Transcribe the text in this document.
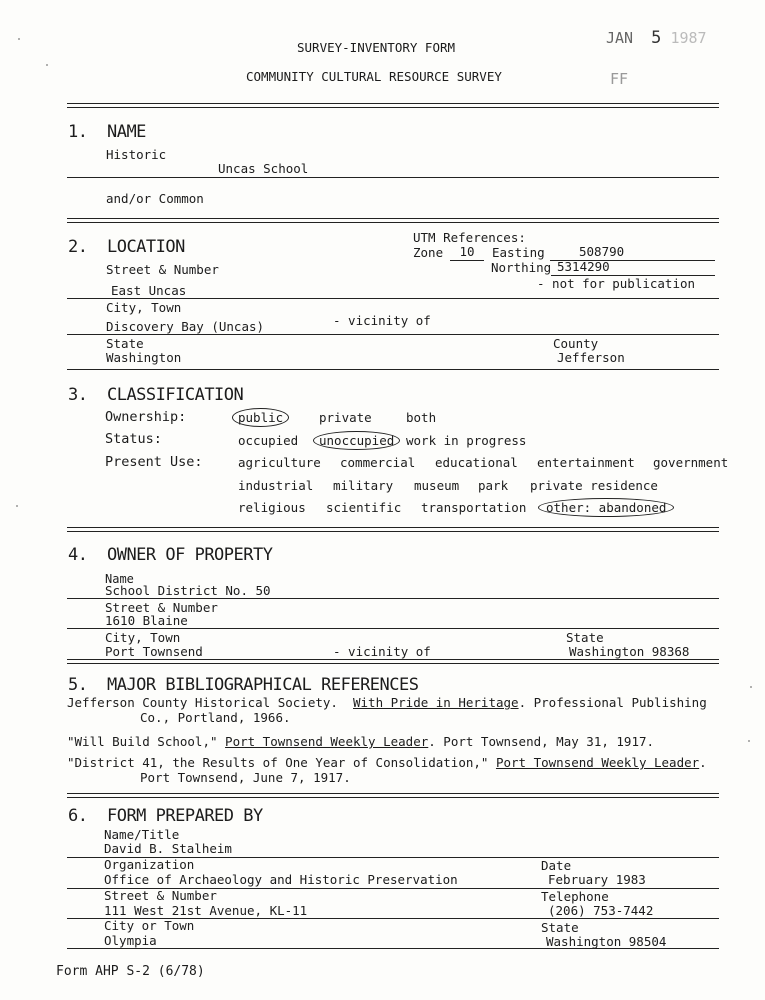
SURVEY-INVENTORY FORM
COMMUNITY CULTURAL RESOURCE SURVEY
JAN 5 1987
FF
1. NAME
Historic
Uncas School
and/or Common
2. LOCATION	UTM References:
Zone	10	Easting	508790
Northing 5314290
- not for publication
Street & Number
East Uncas
City, Town
Discovery Bay (Uncas)	- vicinity of
State
Washington
County
Jefferson
3. CLASSIFICATION
Ownership:	public	private	both
Status:	occupied unoccupied work in progress
Present Use:	agriculture commercial educational entertainment government
industrial military museum park private residence
religious scientific transportation other: abandoned
4. OWNER OF PROPERTY
Name
School District No. 50
Street & Number
1610 Blaine
City, Town
Port Townsend	- vicinity of
State
Washington 98368
5. MAJOR BIBLIOGRAPHICAL REFERENCES
Jefferson County Historical Society. With Pride in Heritage. Professional Publishing
Co., Portland, 1966.
"Will Build School," Port Townsend Weekly Leader. Port Townsend, May 31, 1917.
"District 41, the Results of One Year of Consolidation," Port Townsend Weekly Leader.
Port Townsend, June 7, 1917.
6. FORM PREPARED BY
Name/Title
David B. Stalheim
Organization
Office of Archaeology and Historic Preservation
Date
February 1983
Street & Number
111 West 21st Avenue, KL-11
Telephone
(206) 753-7442
City or Town
Olympia
State
Washington 98504
Form AHP S-2 (6/78)
